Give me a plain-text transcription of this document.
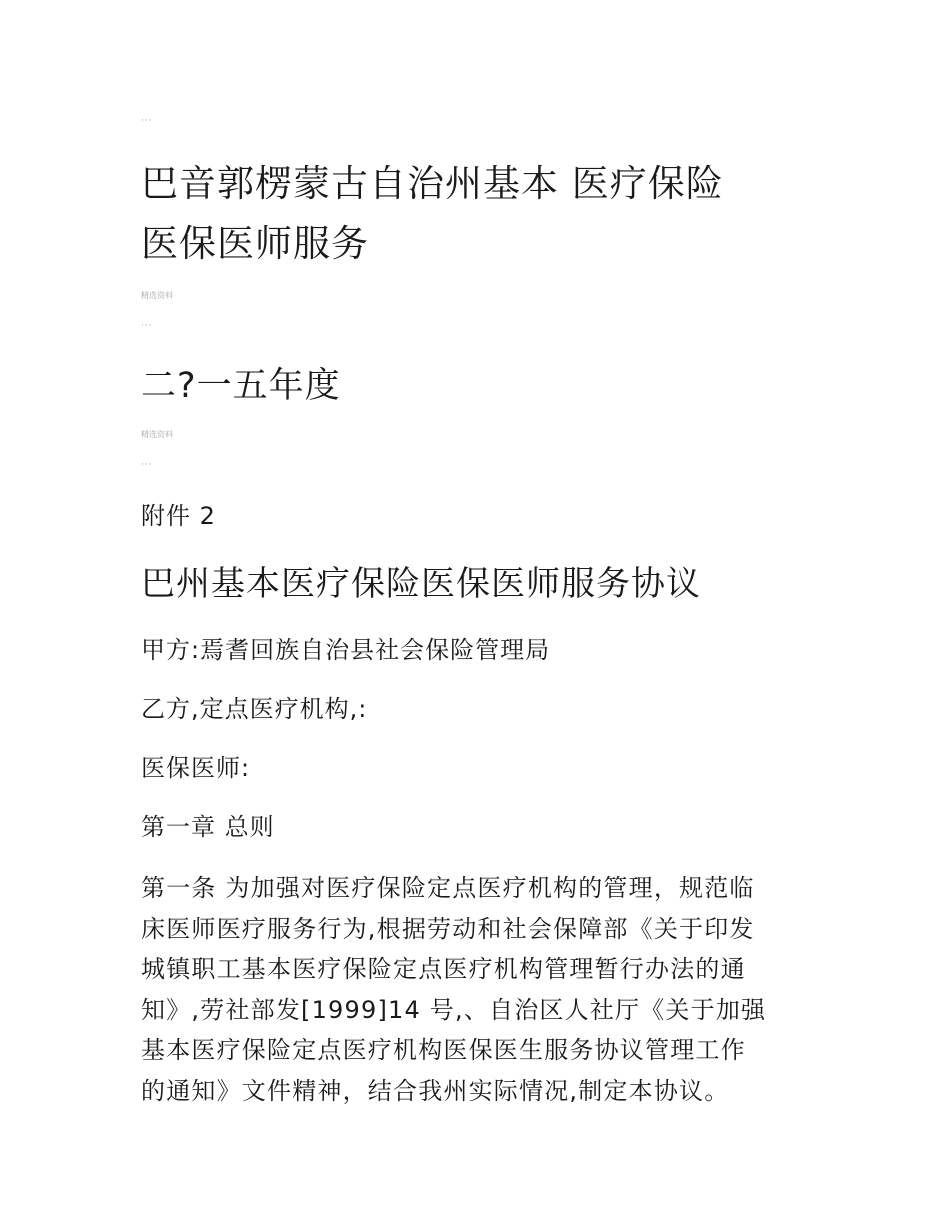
···
巴音郭楞蒙古自治州基本 医疗保险
医保医师服务
精选资料
···
二?一五年度
精选资料
···
附件 2
巴州基本医疗保险医保医师服务协议
甲方:焉耆回族自治县社会保险管理局
乙方,定点医疗机构,:
医保医师:
第一章 总则
第一条 为加强对医疗保险定点医疗机构的管理，规范临
床医师医疗服务行为,根据劳动和社会保障部《关于印发
城镇职工基本医疗保险定点医疗机构管理暂行办法的通
知》,劳社部发[1999]14 号,、自治区人社厅《关于加强
基本医疗保险定点医疗机构医保医生服务协议管理工作
的通知》文件精神，结合我州实际情况,制定本协议。
